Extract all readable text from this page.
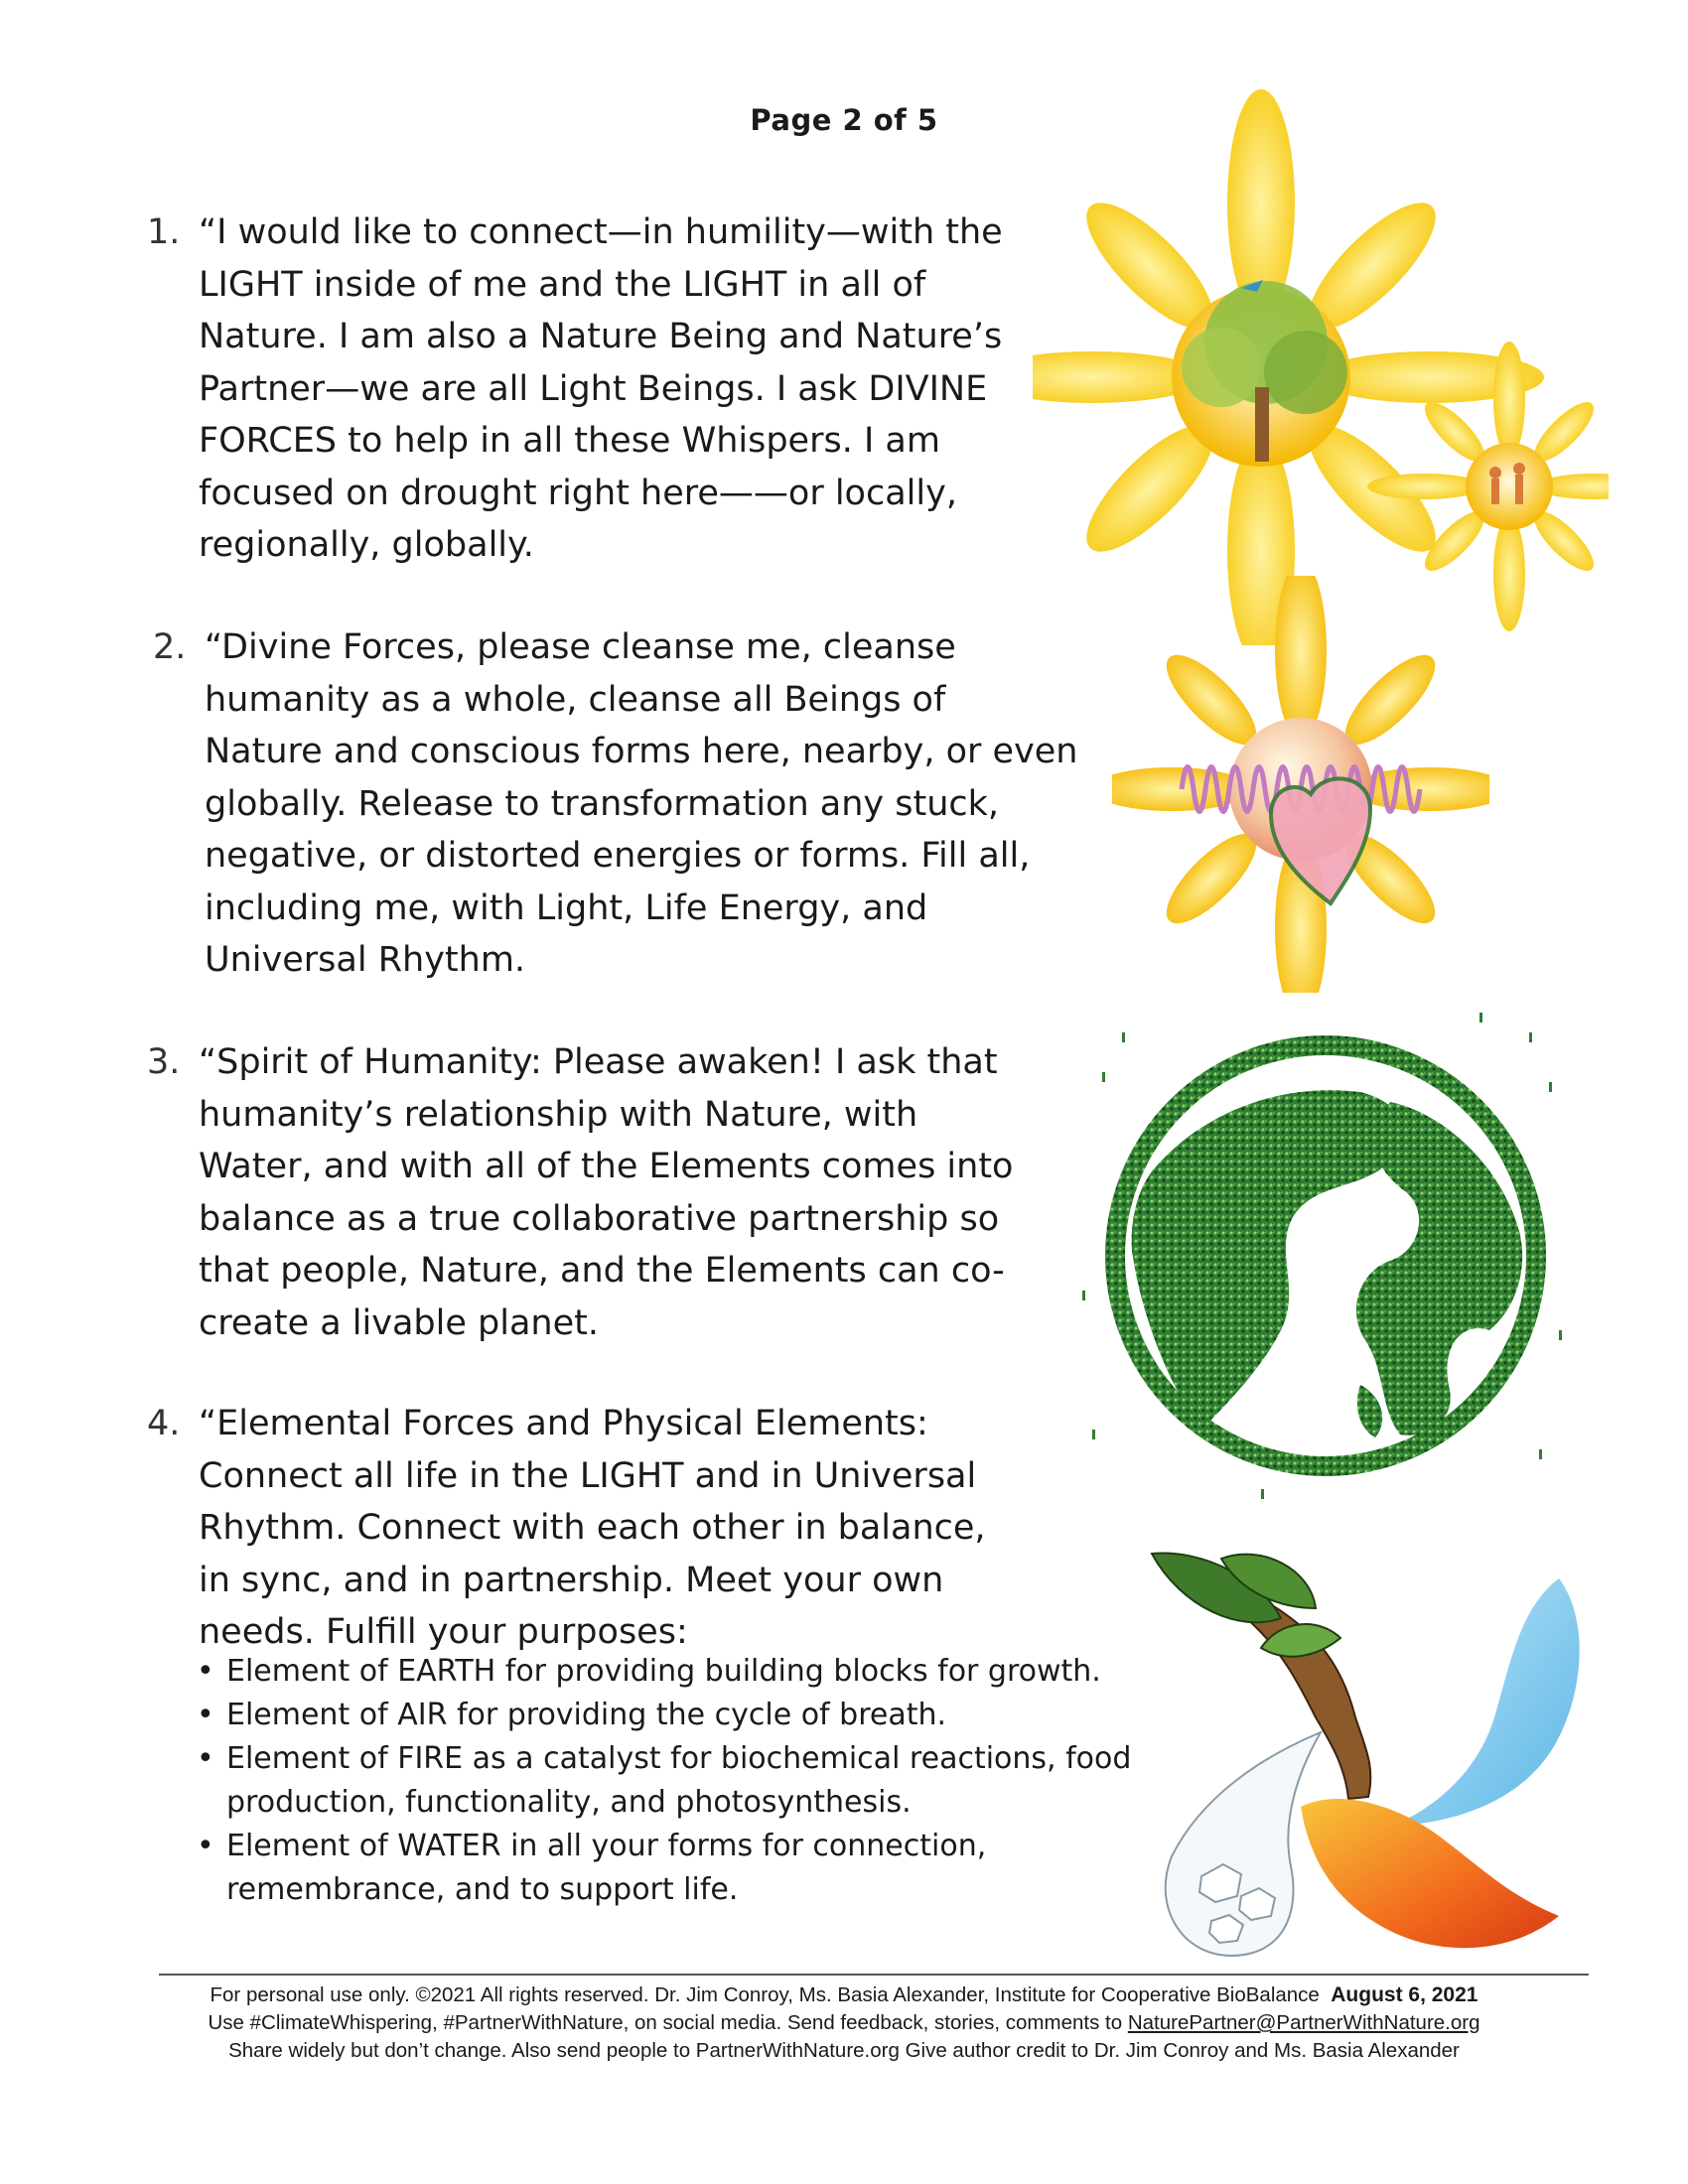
Page 2 of 5
1. “I would like to connect—in humility—with the
LIGHT inside of me and the LIGHT in all of
Nature. I am also a Nature Being and Nature’s
Partner—we are all Light Beings. I ask DIVINE
FORCES to help in all these Whispers. I am
focused on drought right here——or locally,
regionally, globally.
2. “Divine Forces, please cleanse me, cleanse
humanity as a whole, cleanse all Beings of
Nature and conscious forms here, nearby, or even
globally. Release to transformation any stuck,
negative, or distorted energies or forms. Fill all,
including me, with Light, Life Energy, and
Universal Rhythm.
3. “Spirit of Humanity: Please awaken! I ask that
humanity’s relationship with Nature, with
Water, and with all of the Elements comes into
balance as a true collaborative partnership so
that people, Nature, and the Elements can co-
create a livable planet.
4. “Elemental Forces and Physical Elements:
Connect all life in the LIGHT and in Universal
Rhythm. Connect with each other in balance,
in sync, and in partnership. Meet your own
needs. Fulfill your purposes:
• Element of EARTH for providing building blocks for growth.
• Element of AIR for providing the cycle of breath.
• Element of FIRE as a catalyst for biochemical reactions, food
production, functionality, and photosynthesis.
• Element of WATER in all your forms for connection,
remembrance, and to support life.
For personal use only. ©2021 All rights reserved. Dr. Jim Conroy, Ms. Basia Alexander, Institute for Cooperative BioBalance August 6, 2021
Use #ClimateWhispering, #PartnerWithNature, on social media. Send feedback, stories, comments to NaturePartner@PartnerWithNature.org
Share widely but don’t change. Also send people to PartnerWithNature.org Give author credit to Dr. Jim Conroy and Ms. Basia Alexander
